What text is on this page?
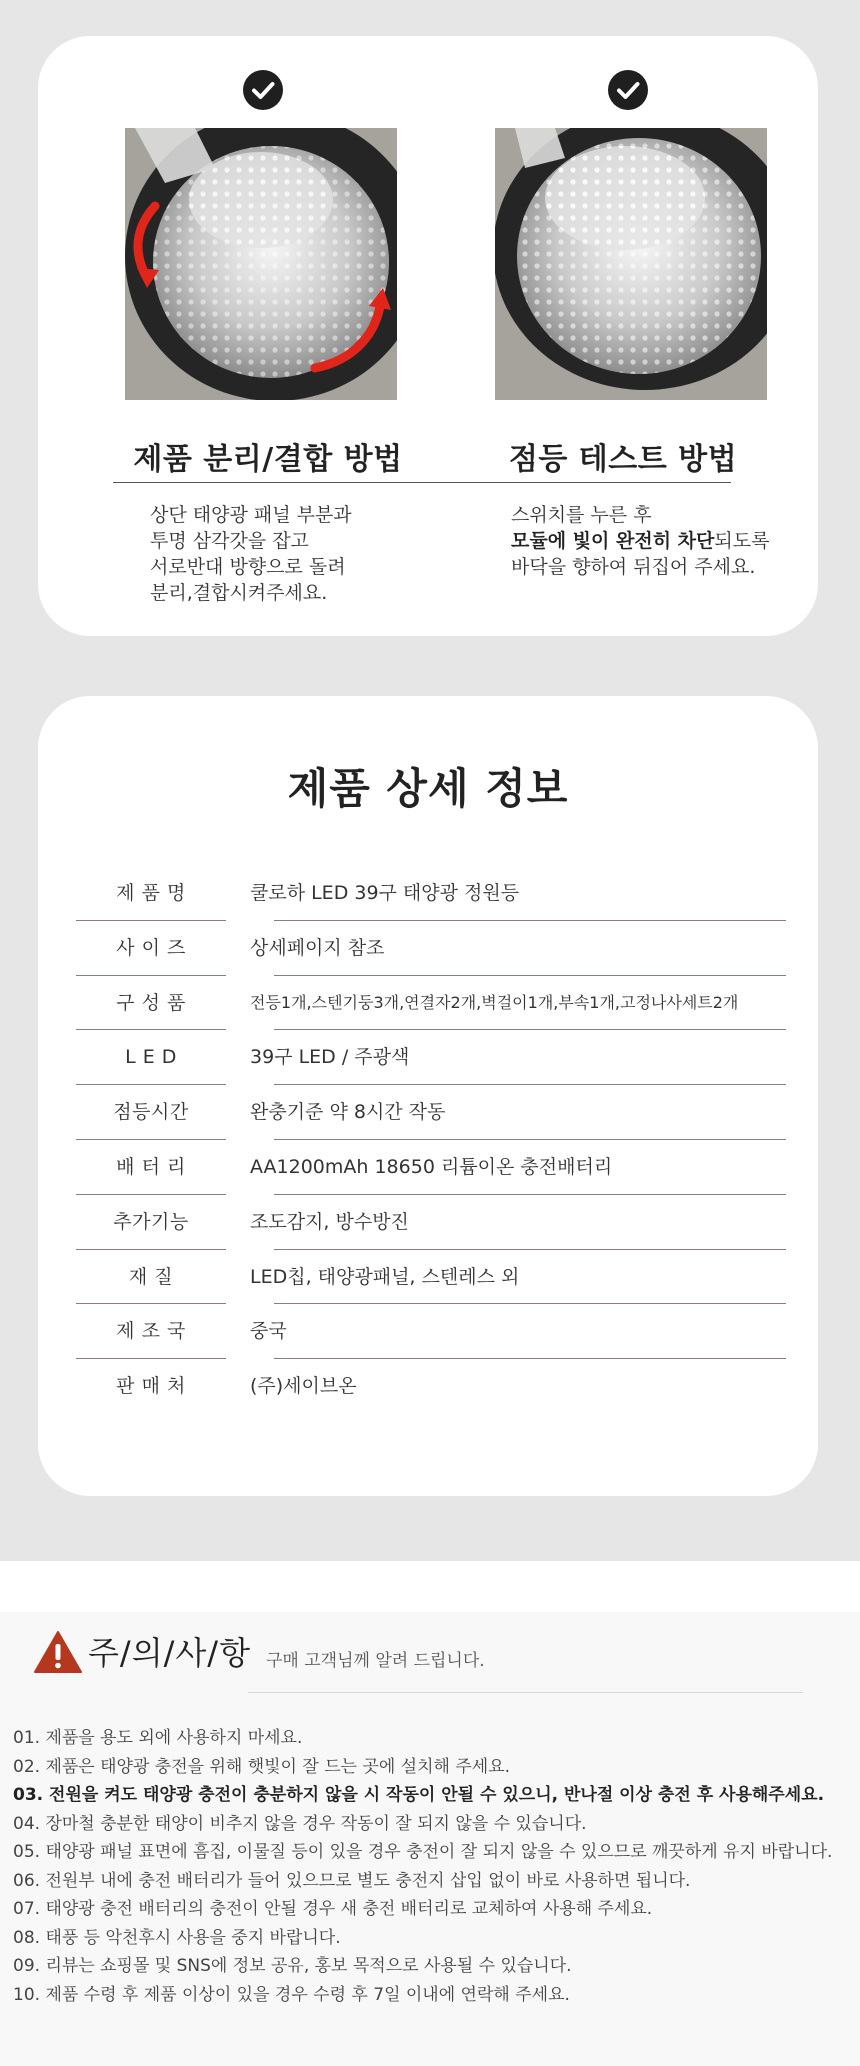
제품 분리/결합 방법
상단 태양광 패널 부분과
투명 삼각갓을 잡고
서로반대 방향으로 돌려
분리,결합시켜주세요.
점등 테스트 방법
스위치를 누른 후
모듈에 빛이 완전히 차단되도록
바닥을 향하여 뒤집어 주세요.
제품 상세 정보
제 품 명	쿨로하 LED 39구 태양광 정원등
사 이 즈	상세페이지 참조
구 성 품	전등1개,스텐기둥3개,연결자2개,벽걸이1개,부속1개,고정나사세트2개
L E D	39구 LED / 주광색
점등시간	완충기준 약 8시간 작동
배 터 리	AA1200mAh 18650 리튬이온 충전배터리
추가기능	조도감지, 방수방진
재 질	LED칩, 태양광패널, 스텐레스 외
제 조 국	중국
판 매 처	(주)세이브온
주/의/사/항 구매 고객님께 알려 드립니다.
01. 제품을 용도 외에 사용하지 마세요.
02. 제품은 태양광 충전을 위해 햇빛이 잘 드는 곳에 설치해 주세요.
03. 전원을 켜도 태양광 충전이 충분하지 않을 시 작동이 안될 수 있으니, 반나절 이상 충전 후 사용해주세요.
04. 장마철 충분한 태양이 비추지 않을 경우 작동이 잘 되지 않을 수 있습니다.
05. 태양광 패널 표면에 흠집, 이물질 등이 있을 경우 충전이 잘 되지 않을 수 있으므로 깨끗하게 유지 바랍니다.
06. 전원부 내에 충전 배터리가 들어 있으므로 별도 충전지 삽입 없이 바로 사용하면 됩니다.
07. 태양광 충전 배터리의 충전이 안될 경우 새 충전 배터리로 교체하여 사용해 주세요.
08. 태풍 등 악천후시 사용을 중지 바랍니다.
09. 리뷰는 쇼핑몰 및 SNS에 정보 공유, 홍보 목적으로 사용될 수 있습니다.
10. 제품 수령 후 제품 이상이 있을 경우 수령 후 7일 이내에 연락해 주세요.
